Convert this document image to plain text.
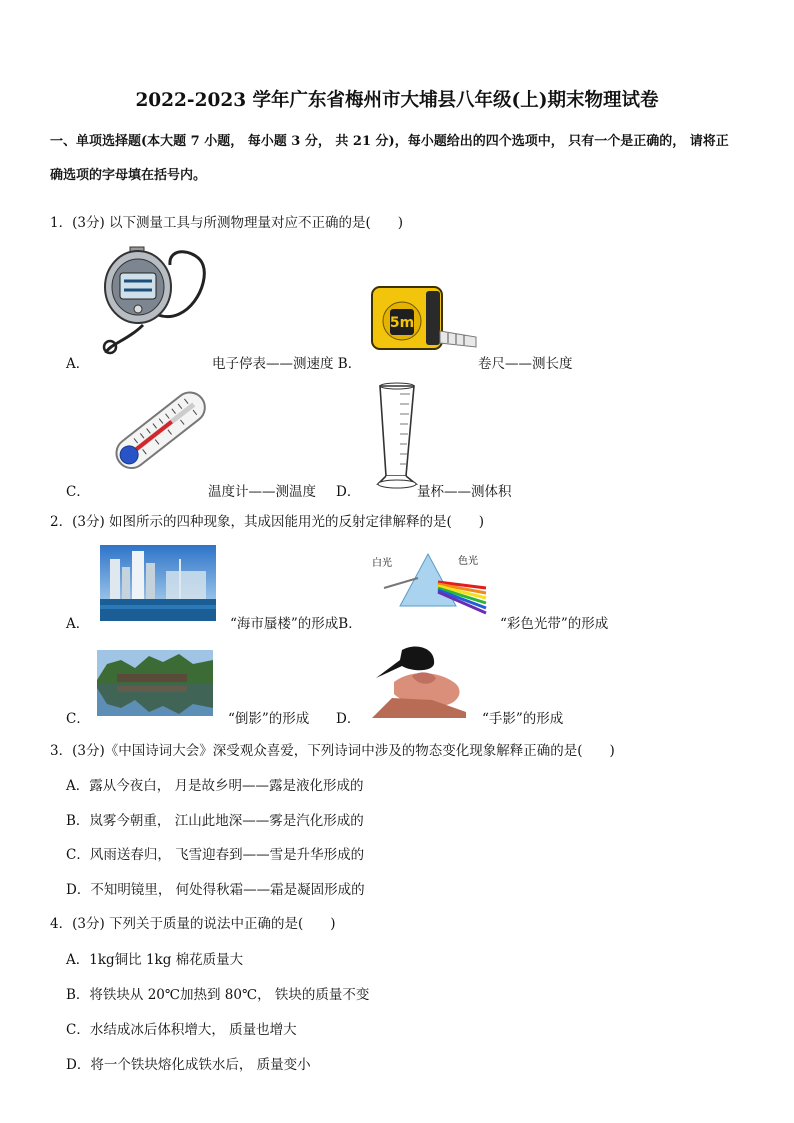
2022-2023 学年广东省梅州市大埔县八年级(上)期末物理试卷
一、单项选择题(本大题 7 小题， 每小题 3 分， 共 21 分)，每小题给出的四个选项中， 只有一个是正确的， 请将正
确选项的字母填在括号内。
1．(3分) 以下测量工具与所测物理量对应不正确的是(　　)
A．	电子停表——测速度 B．
5m
卷尺——测长度
C．	温度计——测温度 D．	量杯——测体积
2．(3分) 如图所示的四种现象，其成因能用光的反射定律解释的是(　　)
A．	“海市蜃楼”的形成B．
白光	色光
“彩色光带”的形成
C．	“倒影”的形成 D．	“手影”的形成
3．(3分)《中国诗词大会》深受观众喜爱，下列诗词中涉及的物态变化现象解释正确的是(　　)
A．露从今夜白， 月是故乡明——露是液化形成的
B．岚雾今朝重， 江山此地深——雾是汽化形成的
C．风雨送春归， 飞雪迎春到——雪是升华形成的
D．不知明镜里， 何处得秋霜——霜是凝固形成的
4．(3分) 下列关于质量的说法中正确的是(　　)
A．1kg铜比 1kg 棉花质量大
B．将铁块从 20℃加热到 80℃， 铁块的质量不变
C．水结成冰后体积增大， 质量也增大
D．将一个铁块熔化成铁水后， 质量变小
